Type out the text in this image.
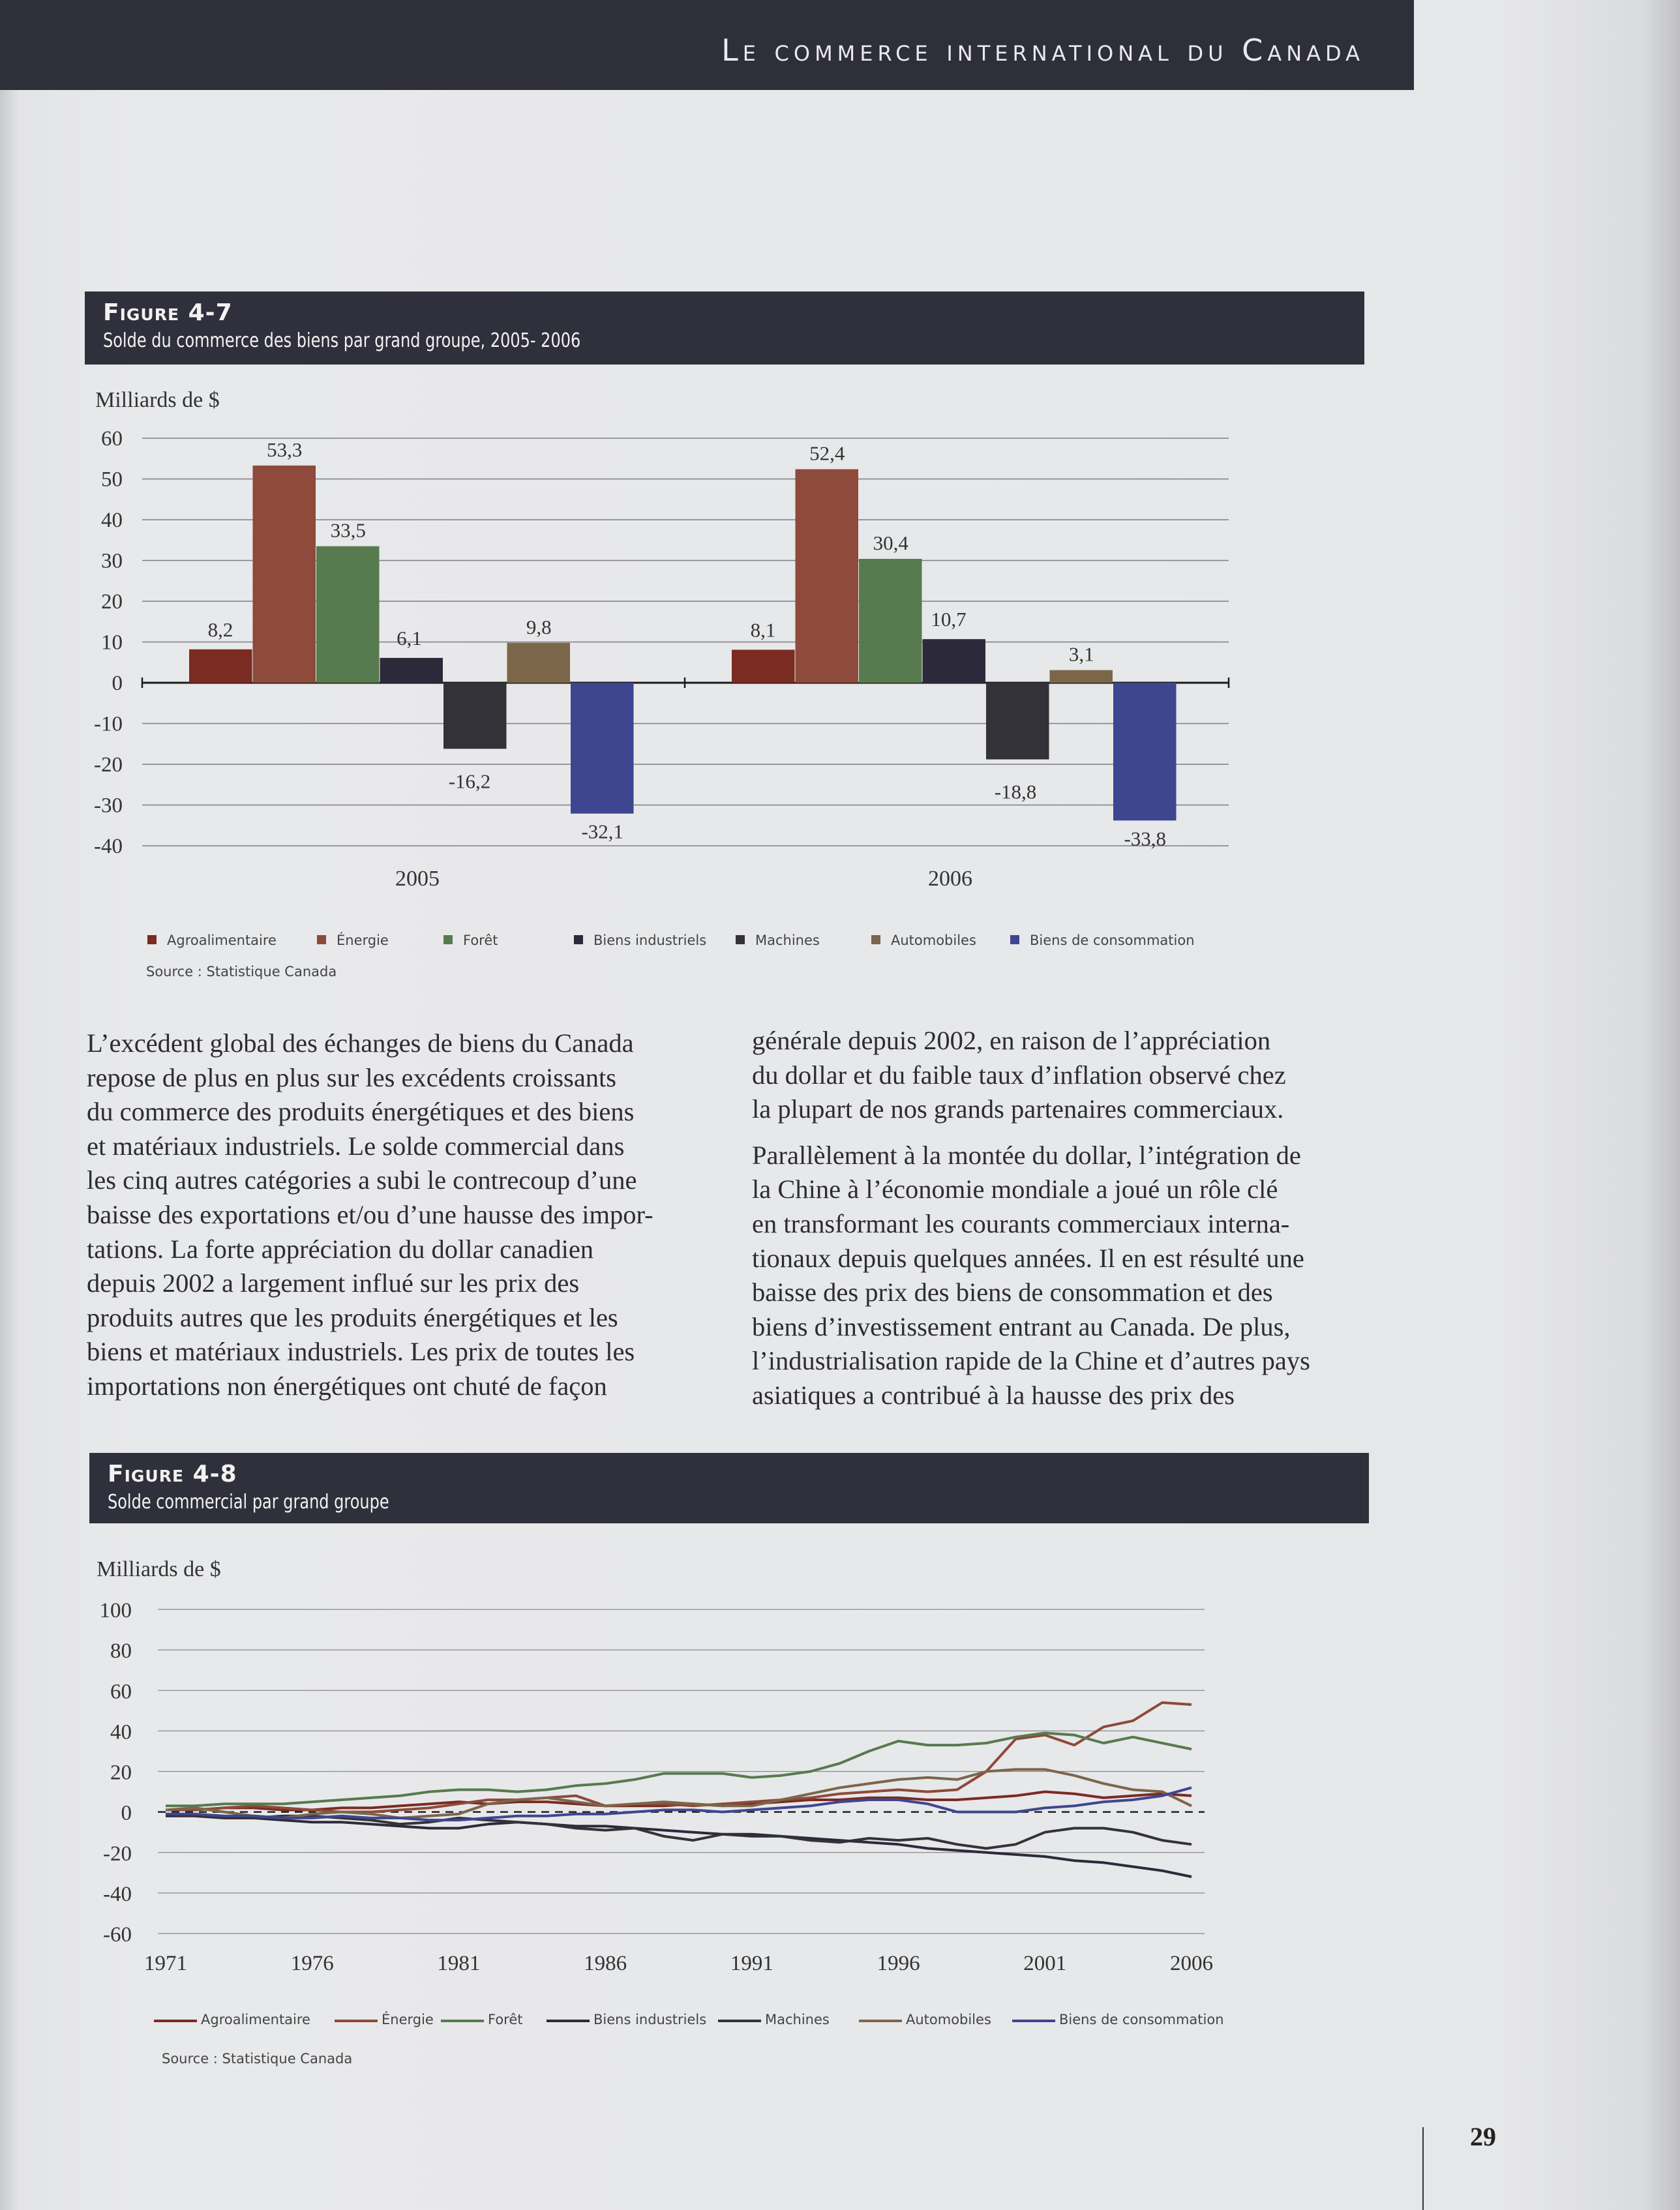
Le commerce international du Canada
Figure 4-7
Solde du commerce des biens par grand groupe, 2005- 2006
Milliards de $
60
50
40
30
20
10
0
-10
-20
-30
-40
8,2
53,3
33,5
6,1
-16,2
9,8
-32,1
2005
8,1
52,4
30,4
10,7
-18,8
3,1
-33,8
2006
Agroalimentaire	Énergie	Forêt	Biens industriels	Machines	Automobiles	Biens de consommation
100
80
60
40
20
0
-20
-40
-60
1971	1976	1981	1986	1991	1996	2001	2006
Agroalimentaire	Énergie	Forêt	Biens industriels	Machines	Automobiles	Biens de consommation
Source : Statistique Canada

L’excédent global des échanges de biens du Canada
repose de plus en plus sur les excédents croissants
du commerce des produits énergétiques et des biens
et matériaux industriels. Le solde commercial dans
les cinq autres catégories a subi le contrecoup d’une
baisse des exportations et/ou d’une hausse des impor-
tations. La forte appréciation du dollar canadien
depuis 2002 a largement influé sur les prix des
produits autres que les produits énergétiques et les
biens et matériaux industriels. Les prix de toutes les
importations non énergétiques ont chuté de façon

générale depuis 2002, en raison de l’appréciation
du dollar et du faible taux d’inflation observé chez
la plupart de nos grands partenaires commerciaux.

Parallèlement à la montée du dollar, l’intégration de
la Chine à l’économie mondiale a joué un rôle clé
en transformant les courants commerciaux interna-
tionaux depuis quelques années. Il en est résulté une
baisse des prix des biens de consommation et des
biens d’investissement entrant au Canada. De plus,
l’industrialisation rapide de la Chine et d’autres pays
asiatiques a contribué à la hausse des prix des

Figure 4-8
Solde commercial par grand groupe
Milliards de $
Source : Statistique Canada
29
